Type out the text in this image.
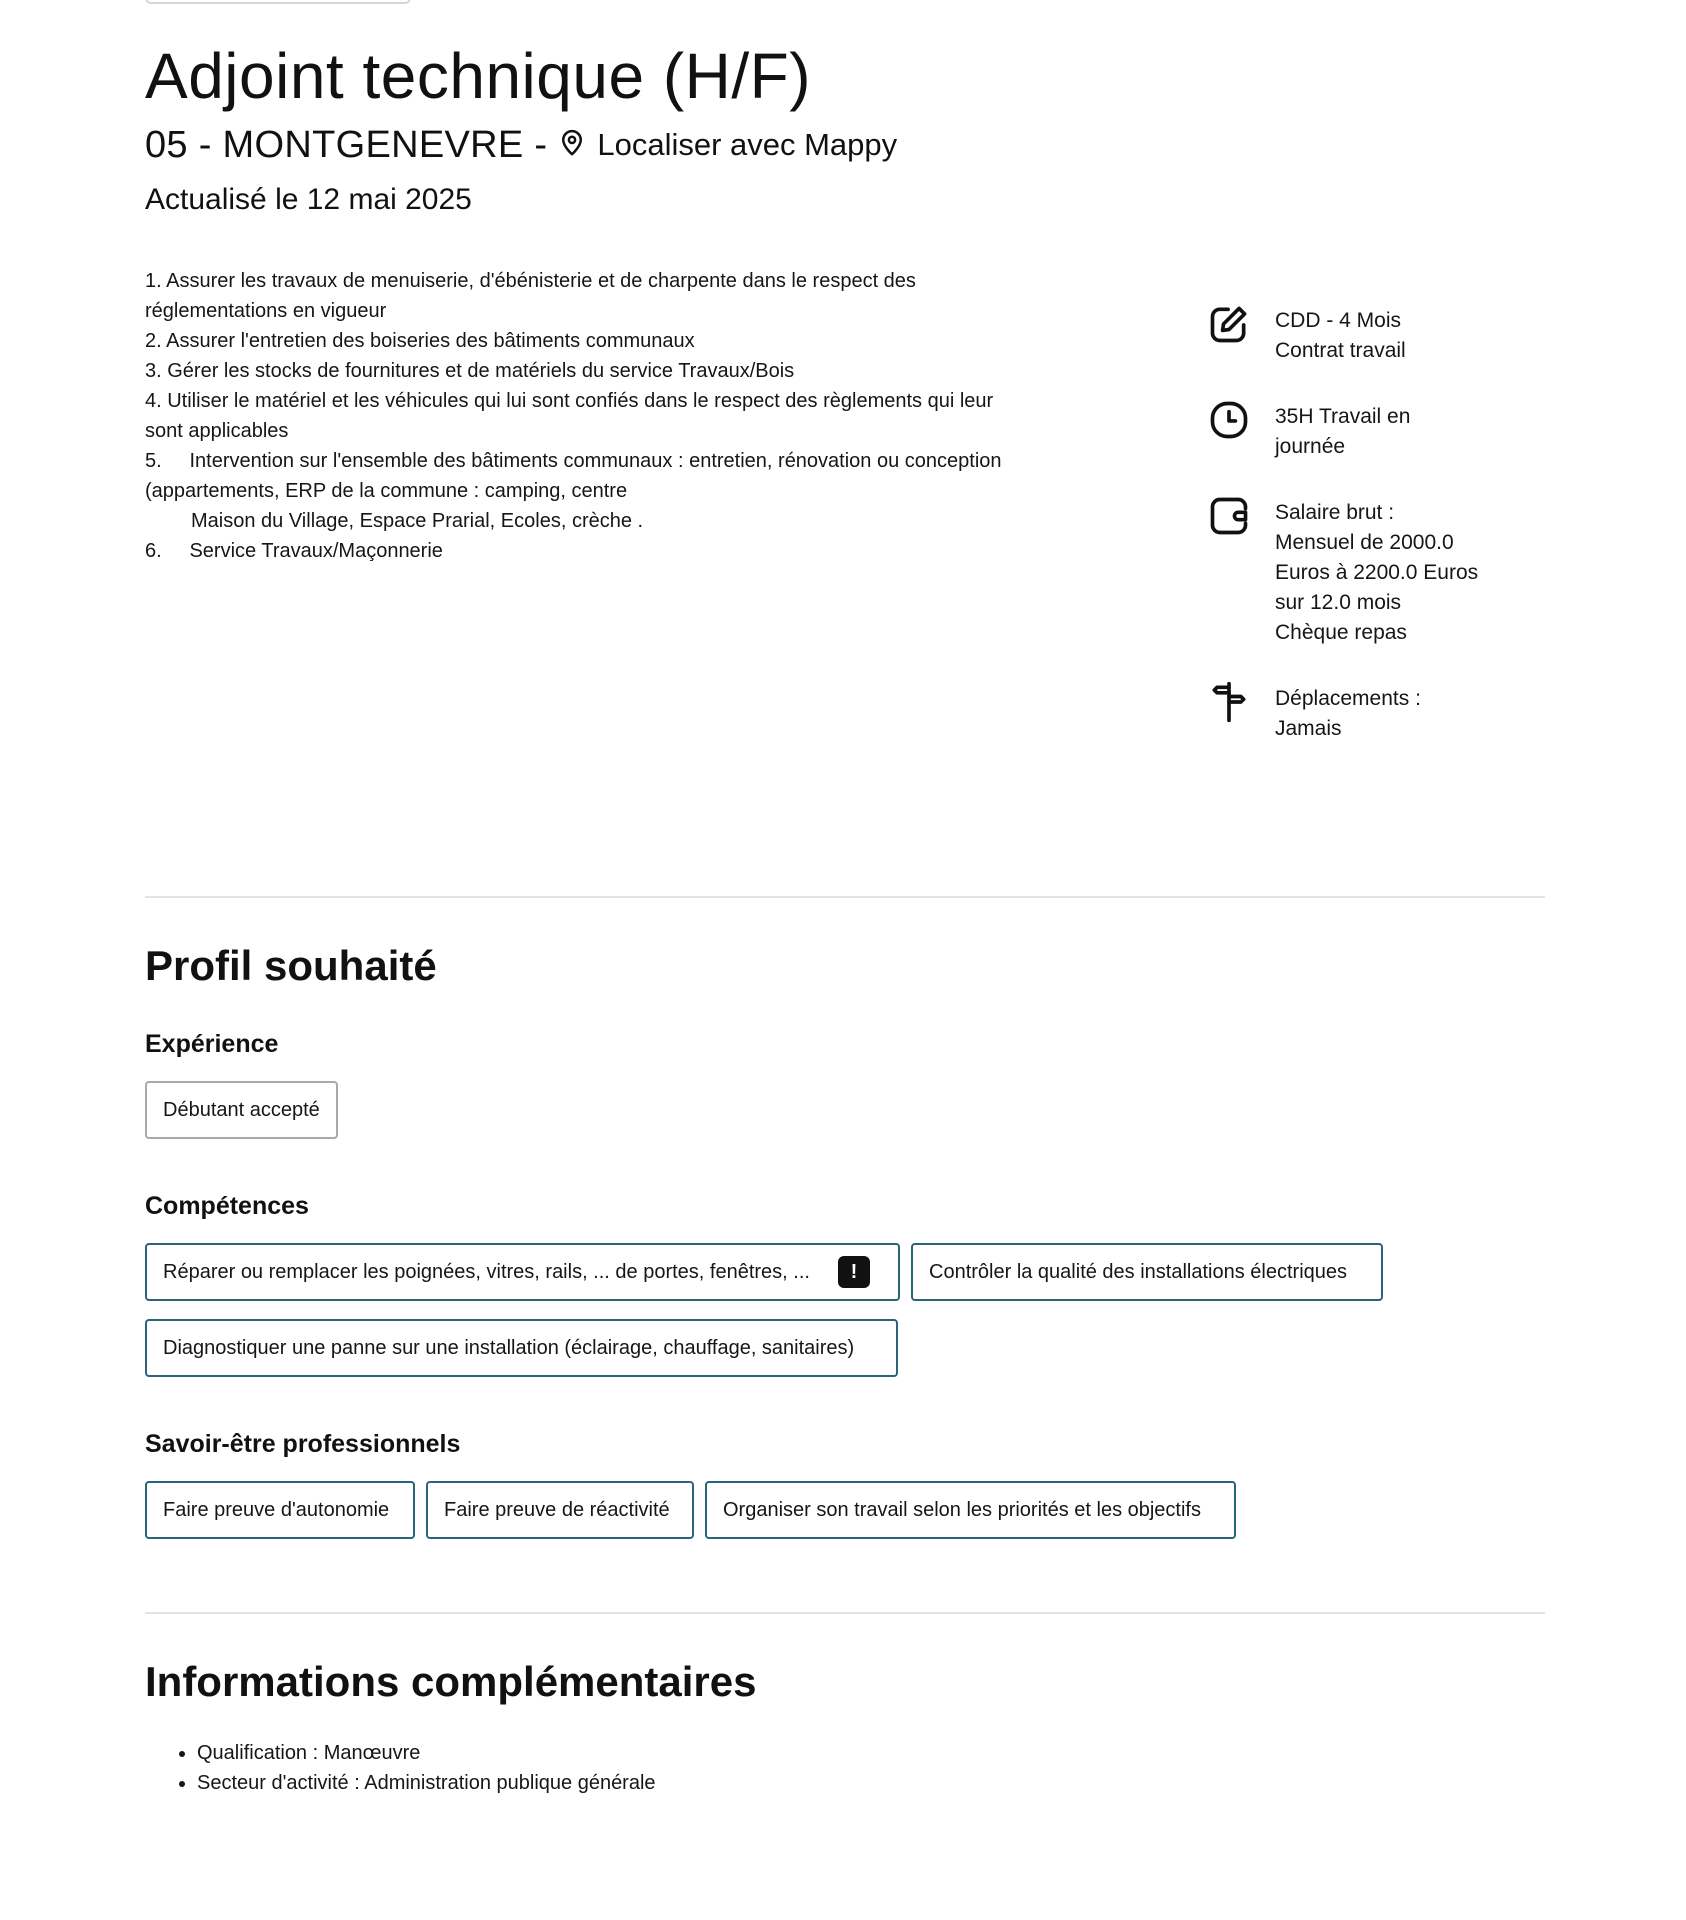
Adjoint technique (H/F)
05 - MONTGENEVRE - Localiser avec Mappy
Actualisé le 12 mai 2025

1. Assurer les travaux de menuiserie, d'ébénisterie et de charpente dans le respect des

réglementations en vigueur

2. Assurer l'entretien des boiseries des bâtiments communaux

3. Gérer les stocks de fournitures et de matériels du service Travaux/Bois

4. Utiliser le matériel et les véhicules qui lui sont confiés dans le respect des règlements qui leur

sont applicables

5.     Intervention sur l'ensemble des bâtiments communaux : entretien, rénovation ou conception

(appartements, ERP de la commune : camping, centre

Maison du Village, Espace Prarial, Ecoles, crèche .

6.     Service Travaux/Maçonnerie

CDD - 4 Mois
Contrat travail
35H Travail en
journée
Salaire brut :
Mensuel de 2000.0
Euros à 2200.0 Euros
sur 12.0 mois
Chèque repas
Déplacements :
Jamais
Profil souhaité
Expérience
Débutant accepté
Compétences
Réparer ou remplacer les poignées, vitres, rails, ... de portes, fenêtres, ...	!	Contrôler la qualité des installations électriques
Diagnostiquer une panne sur une installation (éclairage, chauffage, sanitaires)
Savoir-être professionnels
Faire preuve d'autonomie	Faire preuve de réactivité	Organiser son travail selon les priorités et les objectifs
Informations complémentaires
• Qualification : Manœuvre
• Secteur d'activité : Administration publique générale
